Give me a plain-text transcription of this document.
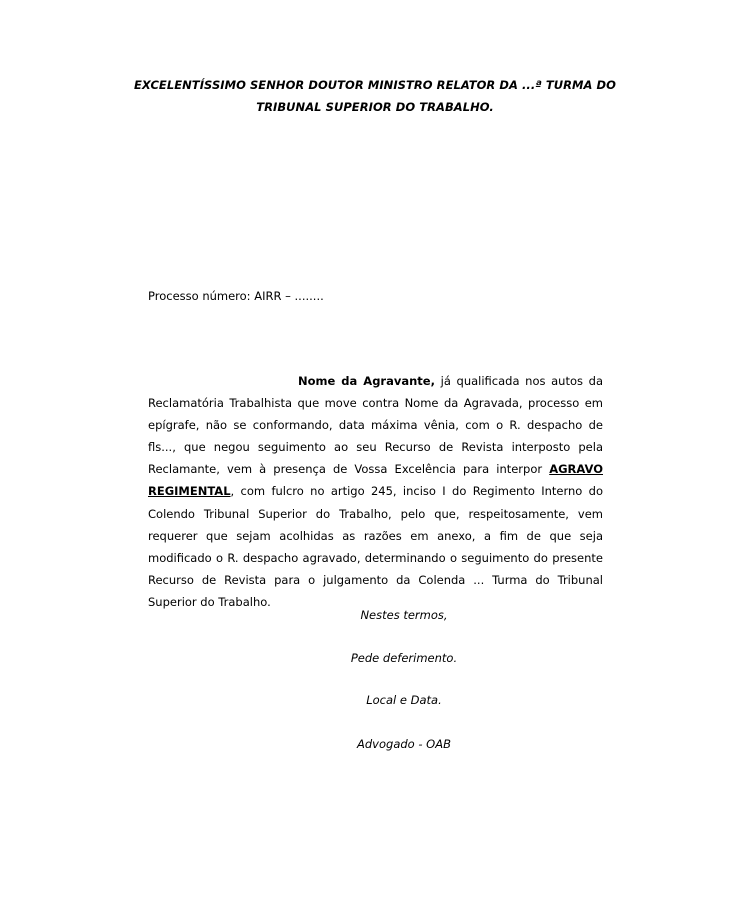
EXCELENTÍSSIMO SENHOR DOUTOR MINISTRO RELATOR DA ...ª TURMA DO
TRIBUNAL SUPERIOR DO TRABALHO.
Processo número: AIRR – ........
Nome da Agravante, já qualificada nos autos da Reclamatória Trabalhista que move contra Nome da Agravada, processo em epígrafe, não se conformando, data máxima vênia, com o R. despacho de fls..., que negou seguimento ao seu Recurso de Revista interposto pela Reclamante, vem à presença de Vossa Excelência para interpor AGRAVO REGIMENTAL, com fulcro no artigo 245, inciso I do Regimento Interno do Colendo Tribunal Superior do Trabalho, pelo que, respeitosamente, vem requerer que sejam acolhidas as razões em anexo, a fim de que seja modificado o R. despacho agravado, determinando o seguimento do presente Recurso de Revista para o julgamento da Colenda ... Turma do Tribunal Superior do Trabalho.
Nestes termos,
Pede deferimento.
Local e Data.
Advogado - OAB
